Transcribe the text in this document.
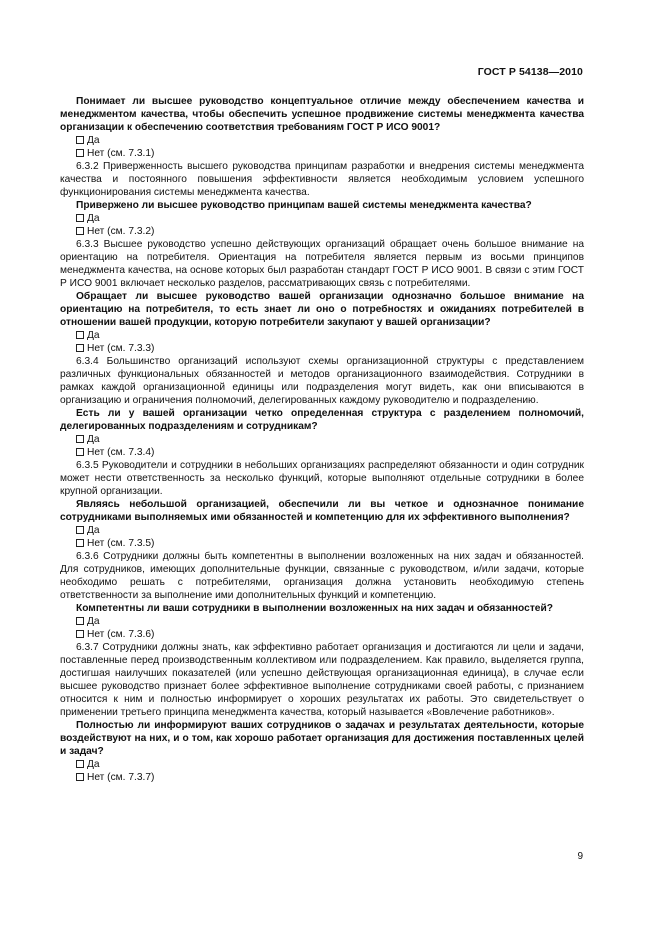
ГОСТ Р 54138—2010

Понимает ли высшее руководство концептуальное отличие между обеспечением качества и менеджментом качества, чтобы обеспечить успешное продвижение системы менеджмента качества организации к обеспечению соответствия требованиям ГОСТ Р ИСО 9001?

Да
Нет (см. 7.3.1)

6.3.2 Приверженность высшего руководства принципам разработки и внедрения системы менеджмента качества и постоянного повышения эффективности является необходимым условием успешного функционирования системы менеджмента качества.

Привержено ли высшее руководство принципам вашей системы менеджмента качества?

Да
Нет (см. 7.3.2)

6.3.3 Высшее руководство успешно действующих организаций обращает очень большое внимание на ориентацию на потребителя. Ориентация на потребителя является первым из восьми принципов менеджмента качества, на основе которых был разработан стандарт ГОСТ Р ИСО 9001. В связи с этим ГОСТ Р ИСО 9001 включает несколько разделов, рассматривающих связь с потребителями.

Обращает ли высшее руководство вашей организации однозначно большое внимание на ориентацию на потребителя, то есть знает ли оно о потребностях и ожиданиях потребителей в отношении вашей продукции, которую потребители закупают у вашей организации?

Да
Нет (см. 7.3.3)

6.3.4 Большинство организаций используют схемы организационной структуры с представлением различных функциональных обязанностей и методов организационного взаимодействия. Сотрудники в рамках каждой организационной единицы или подразделения могут видеть, как они вписываются в организацию и ограничения полномочий, делегированных каждому руководителю и подразделению.

Есть ли у вашей организации четко определенная структура с разделением полномочий, делегированных подразделениям и сотрудникам?

Да
Нет (см. 7.3.4)

6.3.5 Руководители и сотрудники в небольших организациях распределяют обязанности и один сотрудник может нести ответственность за несколько функций, которые выполняют отдельные сотрудники в более крупной организации.

Являясь небольшой организацией, обеспечили ли вы четкое и однозначное понимание сотрудниками выполняемых ими обязанностей и компетенцию для их эффективного выполнения?

Да
Нет (см. 7.3.5)

6.3.6 Сотрудники должны быть компетентны в выполнении возложенных на них задач и обязанностей. Для сотрудников, имеющих дополнительные функции, связанные с руководством, и/или задачи, которые необходимо решать с потребителями, организация должна установить необходимую степень ответственности за выполнение ими дополнительных функций и компетенцию.

Компетентны ли ваши сотрудники в выполнении возложенных на них задач и обязанностей?

Да
Нет (см. 7.3.6)

6.3.7 Сотрудники должны знать, как эффективно работает организация и достигаются ли цели и задачи, поставленные перед производственным коллективом или подразделением. Как правило, выделяется группа, достигшая наилучших показателей (или успешно действующая организационная единица), в случае если высшее руководство признает более эффективное выполнение сотрудниками своей работы, с признанием относится к ним и полностью информирует о хороших результатах их работы. Это свидетельствует о применении третьего принципа менеджмента качества, который называется «Вовлечение работников».

Полностью ли информируют ваших сотрудников о задачах и результатах деятельности, которые воздействуют на них, и о том, как хорошо работает организация для достижения поставленных целей и задач?

Да
Нет (см. 7.3.7)
9
